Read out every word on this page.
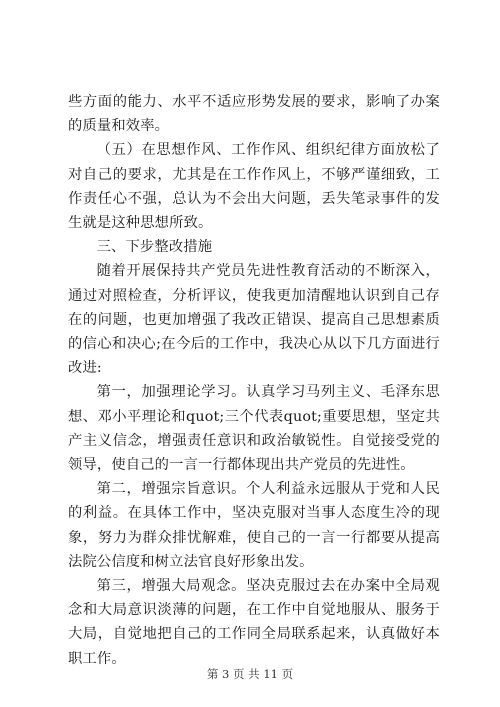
些方面的能力、水平不适应形势发展的要求，影响了办案的质量和效率。

（五）在思想作风、工作作风、组织纪律方面放松了对自己的要求，尤其是在工作作风上，不够严谨细致，工作责任心不强，总认为不会出大问题，丢失笔录事件的发生就是这种思想所致。

三、下步整改措施

随着开展保持共产党员先进性教育活动的不断深入，通过对照检查，分析评议，使我更加清醒地认识到自己存在的问题，也更加增强了我改正错误、提高自己思想素质的信心和决心;在今后的工作中，我决心从以下几方面进行改进:

第一，加强理论学习。认真学习马列主义、毛泽东思想、邓小平理论和quot;三个代表quot;重要思想，坚定共产主义信念，增强责任意识和政治敏锐性。自觉接受党的领导，使自己的一言一行都体现出共产党员的先进性。

第二，增强宗旨意识。个人利益永远服从于党和人民的利益。在具体工作中，坚决克服对当事人态度生冷的现象，努力为群众排忧解难，使自己的一言一行都要从提高法院公信度和树立法官良好形象出发。

第三，增强大局观念。坚决克服过去在办案中全局观念和大局意识淡薄的问题，在工作中自觉地服从、服务于大局，自觉地把自己的工作同全局联系起来，认真做好本职工作。

第 3 页 共 11 页
